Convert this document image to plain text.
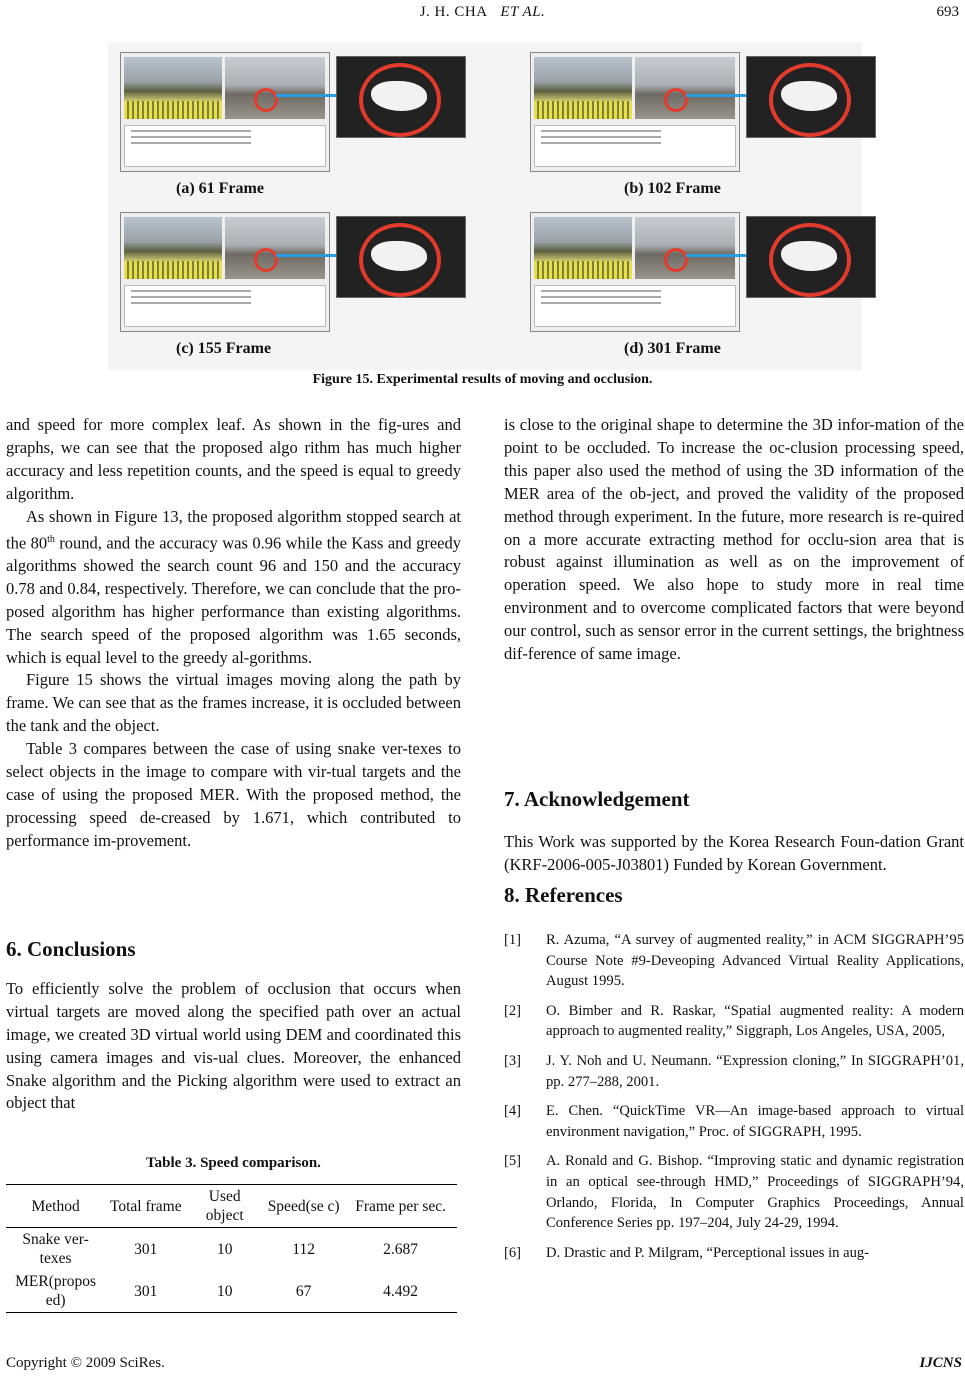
J. H. CHA ET AL.	693
(a) 61 Frame	(b) 102 Frame
(c) 155 Frame	(d) 301 Frame
Figure 15. Experimental results of moving and occlusion.

and speed for more complex leaf. As shown in the fig-ures and graphs, we can see that the proposed algo rithm has much higher accuracy and less repetition counts, and the speed is equal to greedy algorithm.

As shown in Figure 13, the proposed algorithm stopped search at the 80th round, and the accuracy was 0.96 while the Kass and greedy algorithms showed the search count 96 and 150 and the accuracy 0.78 and 0.84, respectively. Therefore, we can conclude that the pro-posed algorithm has higher performance than existing algorithms. The search speed of the proposed algorithm was 1.65 seconds, which is equal level to the greedy al-gorithms.

Figure 15 shows the virtual images moving along the path by frame. We can see that as the frames increase, it is occluded between the tank and the object.

Table 3 compares between the case of using snake ver-texes to select objects in the image to compare with vir-tual targets and the case of using the proposed MER. With the proposed method, the processing speed de-creased by 1.671, which contributed to performance im-provement.

6. Conclusions

To efficiently solve the problem of occlusion that occurs when virtual targets are moved along the specified path over an actual image, we created 3D virtual world using DEM and coordinated this using camera images and vis-ual clues. Moreover, the enhanced Snake algorithm and the Picking algorithm were used to extract an object that

Table 3. Speed comparison.
Method	Total frame	Used object	Speed(se c)	Frame per sec.
Snake ver-texes	301	10	112	2.687
MER(propos ed)	301	10	67	4.492

is close to the original shape to determine the 3D infor-mation of the point to be occluded. To increase the oc-clusion processing speed, this paper also used the method of using the 3D information of the MER area of the ob-ject, and proved the validity of the proposed method through experiment. In the future, more research is re-quired on a more accurate extracting method for occlu-sion area that is robust against illumination as well as on the improvement of operation speed. We also hope to study more in real time environment and to overcome complicated factors that were beyond our control, such as sensor error in the current settings, the brightness dif-ference of same image.

7. Acknowledgement

This Work was supported by the Korea Research Foun-dation Grant (KRF-2006-005-J03801) Funded by Korean Government.

8. References
[1] R. Azuma, “A survey of augmented reality,” in ACM SIGGRAPH’95 Course Note #9-Deveoping Advanced Virtual Reality Applications, August 1995.
[2] O. Bimber and R. Raskar, “Spatial augmented reality: A modern approach to augmented reality,” Siggraph, Los Angeles, USA, 2005,
[3] J. Y. Noh and U. Neumann. “Expression cloning,” In SIGGRAPH’01, pp. 277–288, 2001.
[4] E. Chen. “QuickTime VR—An image-based approach to virtual environment navigation,” Proc. of SIGGRAPH, 1995.
[5] A. Ronald and G. Bishop. “Improving static and dynamic registration in an optical see-through HMD,” Proceedings of SIGGRAPH’94, Orlando, Florida, In Computer Graphics Proceedings, Annual Conference Series pp. 197–204, July 24-29, 1994.
[6] D. Drastic and P. Milgram, “Perceptional issues in aug-
Copyright © 2009 SciRes.	IJCNS
